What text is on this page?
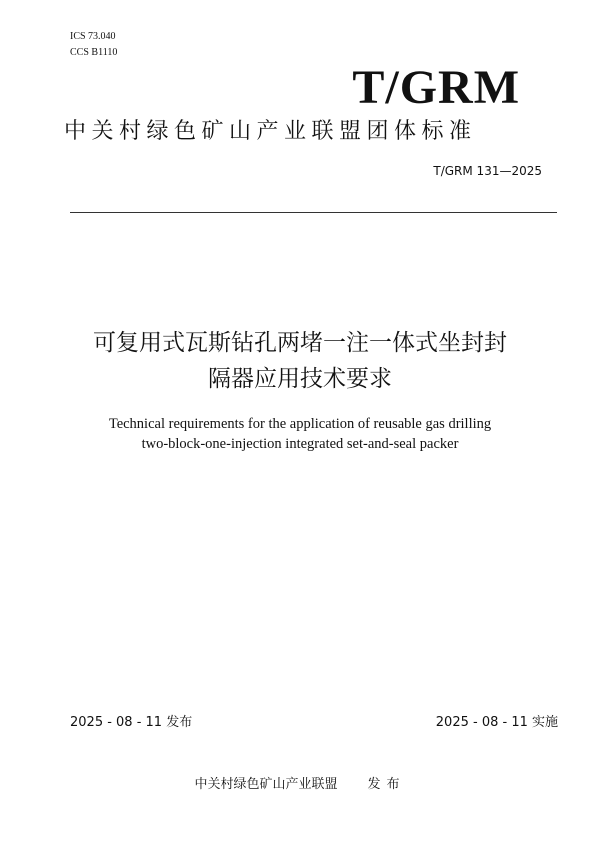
ICS 73.040
CCS B1110
T/GRM
中关村绿色矿山产业联盟团体标准
T/GRM 131—2025
可复用式瓦斯钻孔两堵一注一体式坐封封
隔器应用技术要求
Technical requirements for the application of reusable gas drilling
two-block-one-injection integrated set-and-seal packer
2025 - 08 - 11 发布	2025 - 08 - 11 实施
中关村绿色矿山产业联盟 发布
